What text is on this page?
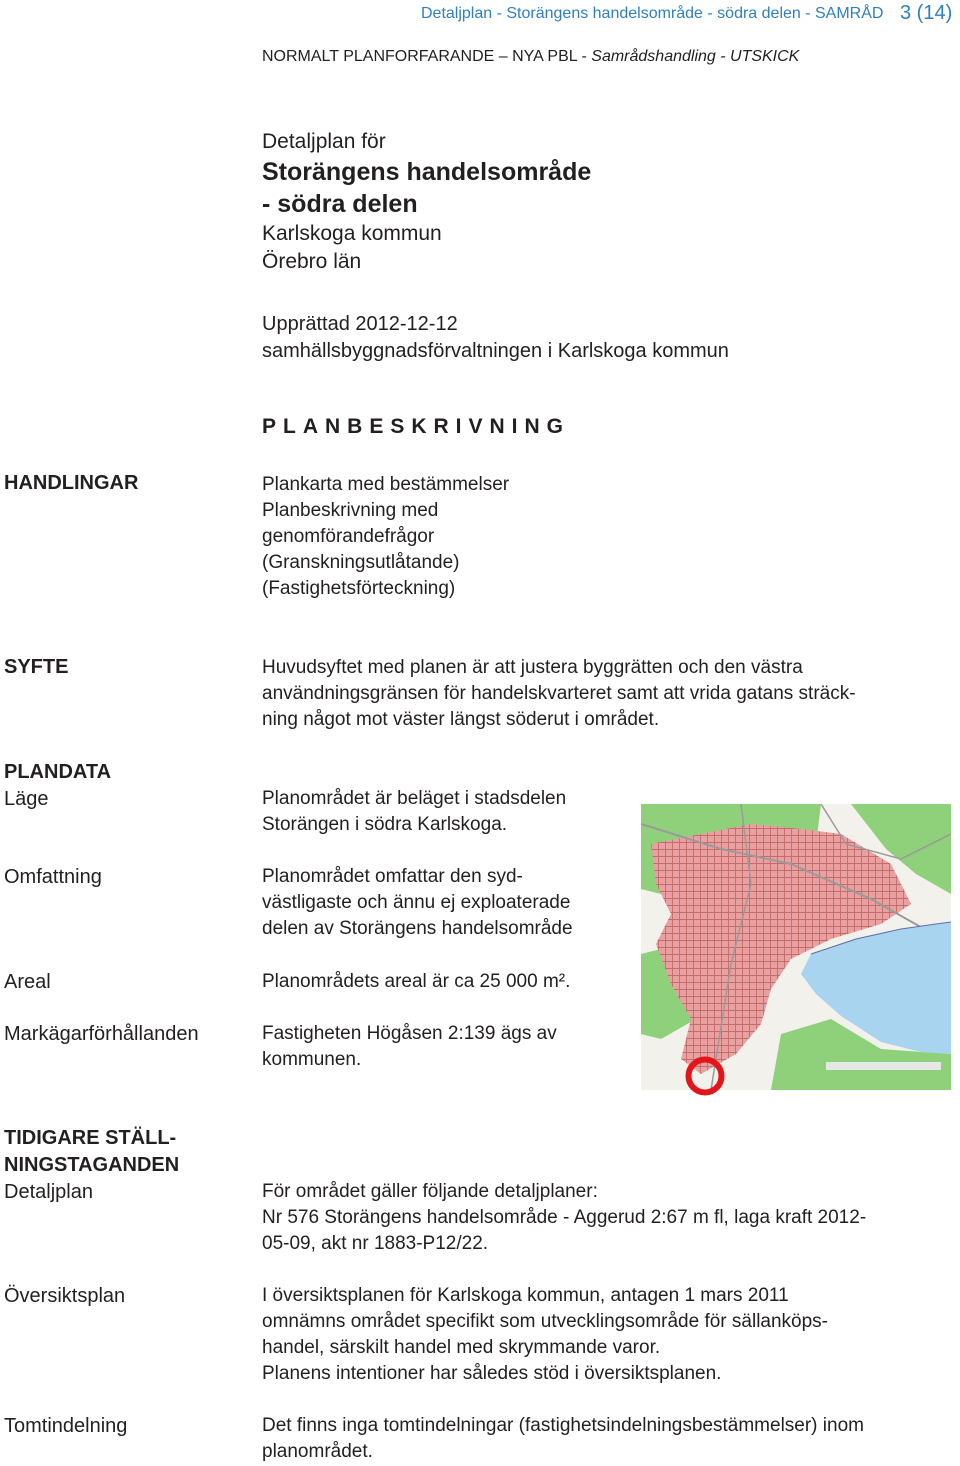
Detaljplan - Storängens handelsområde - södra delen - SAMRÅD 3 (14)
NORMALT PLANFORFARANDE – NYA PBL - Samrådshandling - UTSKICK
Detaljplan för
Storängens handelsområde
- södra delen
Karlskoga kommun
Örebro län
Upprättad 2012-12-12
samhällsbyggnadsförvaltningen i Karlskoga kommun
PLANBESKRIVNING
HANDLINGAR	Plankarta med bestämmelser
Planbeskrivning med
genomförandefrågor
(Granskningsutlåtande)
(Fastighetsförteckning)
SYFTE	Huvudsyftet med planen är att justera byggrätten och den västra
användningsgränsen för handelskvarteret samt att vrida gatans sträck-
ning något mot väster längst söderut i området.
PLANDATA
Läge	Planområdet är beläget i stadsdelen
Storängen i södra Karlskoga.
Omfattning	Planområdet omfattar den syd-
västligaste och ännu ej exploaterade
delen av Storängens handelsområde
Areal	Planområdets areal är ca 25 000 m².
Markägarförhållanden	Fastigheten Högåsen 2:139 ägs av
kommunen.
TIDIGARE STÄLL-
NINGSTAGANDEN
Detaljplan	För området gäller följande detaljplaner:
Nr 576 Storängens handelsområde - Aggerud 2:67 m fl, laga kraft 2012-
05-09, akt nr 1883-P12/22.
Översiktsplan	I översiktsplanen för Karlskoga kommun, antagen 1 mars 2011
omnämns området specifikt som utvecklingsområde för sällanköps-
handel, särskilt handel med skrymmande varor.
Planens intentioner har således stöd i översiktsplanen.
Tomtindelning	Det finns inga tomtindelningar (fastighetsindelningsbestämmelser) inom
planområdet.
